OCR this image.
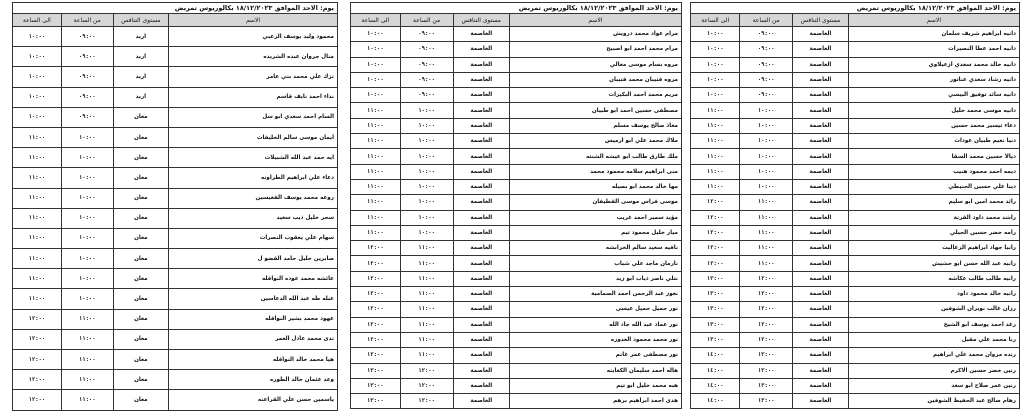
يوم: الاحد الموافق ١٨/١٢/٢٠٢٣ بكالوريوس تمريض			
الاسم	مستوى التنافس	من الساعة	الى الساعة
محمود وليد يوسف الزعبي	اربد	٠٩:٠٠	١٠:٠٠
منال جروان عبده الشريده	اربد	٠٩:٠٠	١٠:٠٠
نزك علي محمد بني عامر	اربد	٠٩:٠٠	١٠:٠٠
نداء احمد نايف قاسم	اربد	٠٩:٠٠	١٠:٠٠
السام احمد سعدي ابو سل	معان	٠٩:٠٠	١٠:٠٠
ايمان موسى سالم الخليفات	معان	١٠:٠٠	١١:٠٠
ايه حمد عبد الله الشبيلات	معان	١٠:٠٠	١١:٠٠
دعاء علي ابراهيم الطراونه	معان	١٠:٠٠	١١:٠٠
روعه محمد يوسف القعيسين	معان	١٠:٠٠	١١:٠٠
سحر خليل ذيب سعيد	معان	١٠:٠٠	١١:٠٠
سهام علي يعقوب النصرات	معان	١٠:٠٠	١١:٠٠
صابرين خليل حامد القضو ل	معان	١٠:٠٠	١١:٠٠
عائشه محمد عوده النواقله	معان	١٠:٠٠	١١:٠٠
عبله طه عبد الله الدعاسين	معان	١٠:٠٠	١١:٠٠
عهود محمد بشير النواقله	معان	١١:٠٠	١٢:٠٠
ندى محمد عادل العمر	معان	١١:٠٠	١٢:٠٠
هيا محمد خالد النواقله	معان	١١:٠٠	١٢:٠٠
وعد عثمان خالد الطوره	معان	١١:٠٠	١٢:٠٠
ياسمين حسن علي القراعنه	معان	١١:٠٠	١٢:٠٠
يوم: الاحد الموافق ١٨/١٢/٢٠٢٣ بكالوريوس تمريض			
الاسم	مستوى التنافس	من الساعة	الى الساعة
مرام عواد محمد درويش	العاصمة	٠٩:٠٠	١٠:٠٠
مرام محمد احمد ابو اصبيح	العاصمة	٠٩:٠٠	١٠:٠٠
مروه بسام موسى معالي	العاصمة	٠٩:٠٠	١٠:٠٠
مروه قتيبان محمد قتيبان	العاصمة	٠٩:٠٠	١٠:٠٠
مريم محمد احمد البكيرات	العاصمة	٠٩:٠٠	١٠:٠٠
مصطفى حسين احمد ابو طبيان	العاصمة	١٠:٠٠	١١:٠٠
معاذ صالح يوسف مسلم	العاصمة	١٠:٠٠	١١:٠٠
ملاك محمد علي ابو ارميس	العاصمة	١٠:٠٠	١١:٠٠
ملك طارق طالب ابو عيشه الشنته	العاصمة	١٠:٠٠	١١:٠٠
منى ابراهيم سلامه محمود محمد	العاصمة	١٠:٠٠	١١:٠٠
مها خالد محمد ابو بصيله	العاصمة	١٠:٠٠	١١:٠٠
موسى فراس موسى القطيفان	العاصمة	١٠:٠٠	١١:٠٠
مؤيد سمير احمد غريب	العاصمة	١٠:٠٠	١١:٠٠
ميار خليل محمود تيم	العاصمة	١٠:٠٠	١١:٠٠
نافيه سعيد سالم الخرابشه	العاصمة	١١:٠٠	١٢:٠٠
نارمان ماجد علي شباب	العاصمة	١١:٠٠	١٢:٠٠
نتلي ناصر ذياب ابو زيد	العاصمة	١١:٠٠	١٢:٠٠
نغوز عبد الرحمن احمد الصمامية	العاصمة	١١:٠٠	١٢:٠٠
نور جميل جميل عيسى	العاصمة	١١:٠٠	١٢:٠٠
نور عماد عبد الله جاد الله	العاصمة	١١:٠٠	١٢:٠٠
نور محمد محمود العدوره	العاصمة	١١:٠٠	١٢:٠٠
نور مصطفى عمر غانم	العاصمة	١١:٠٠	١٢:٠٠
هاله احمد سليمان الكعابنه	العاصمة	١٢:٠٠	١٣:٠٠
هبه محمد خليل ابو تيم	العاصمة	١٢:٠٠	١٣:٠٠
هدى احمد ابراهيم برهم	العاصمة	١٢:٠٠	١٣:٠٠
يوم: الاحد الموافق ١٨/١٢/٢٠٢٣ بكالوريوس تمريض			
الاسم	مستوى التنافس	من الساعة	الى الساعة
دانيه ابراهيم شريف سلمان	العاصمة	٠٩:٠٠	١٠:٠٠
دانيه احمد عطا النصيرات	العاصمة	٠٩:٠٠	١٠:٠٠
دانيه خالد محمد سعدي ازعيلاوي	العاصمة	٠٩:٠٠	١٠:٠٠
دانيه رشاد سعدي عناتور	العاصمة	٠٩:٠٠	١٠:٠٠
دانيه سائد توفيق البيسي	العاصمة	٠٩:٠٠	١٠:٠٠
دانيه موسى محمد خليل	العاصمة	١٠:٠٠	١١:٠٠
دعاء تيسير محمد حسين	العاصمة	١٠:٠٠	١١:٠٠
دنيا نعيم طبيان عودات	العاصمة	١٠:٠٠	١١:٠٠
ديالا حسين محمد السقا	العاصمة	١٠:٠٠	١١:٠٠
ديمه احمد محمود هنيب	العاصمة	١٠:٠٠	١١:٠٠
دينا علي حسين الحنيطي	العاصمة	١٠:٠٠	١١:٠٠
رائد محمد امين ابو سليم	العاصمة	١١:٠٠	١٢:٠٠
راشد محمد داود القرنة	العاصمة	١١:٠٠	١٢:٠٠
رامه خضر حسين الحيلي	العاصمة	١١:٠٠	١٢:٠٠
رانيا جهاد ابراهيم الزغاليت	العاصمة	١١:٠٠	١٢:٠٠
رانيه عبد الله حسن ابو حشيش	العاصمة	١١:٠٠	١٢:٠٠
رانيه طالب طالب عكاشه	العاصمة	١٢:٠٠	١٣:٠٠
رانيه خالد محمود داود	العاصمة	١٢:٠٠	١٣:٠٠
رزان غالب نوبران الشوفين	العاصمة	١٢:٠٠	١٣:٠٠
رغد احمد يوسف ابو الشيخ	العاصمة	١٢:٠٠	١٣:٠٠
رنا محمد علي مقبل	العاصمة	١٢:٠٠	١٣:٠٠
رنده مروان محمد علي ابراهيم	العاصمة	١٣:٠٠	١٤:٠٠
رنين خضر حسين الاكرم	العاصمة	١٣:٠٠	١٤:٠٠
رنين عمر صلاح ابو سعد	العاصمة	١٣:٠٠	١٤:٠٠
رهام صالح عبد الحفيظ الشوفين	العاصمة	١٣:٠٠	١٤:٠٠
